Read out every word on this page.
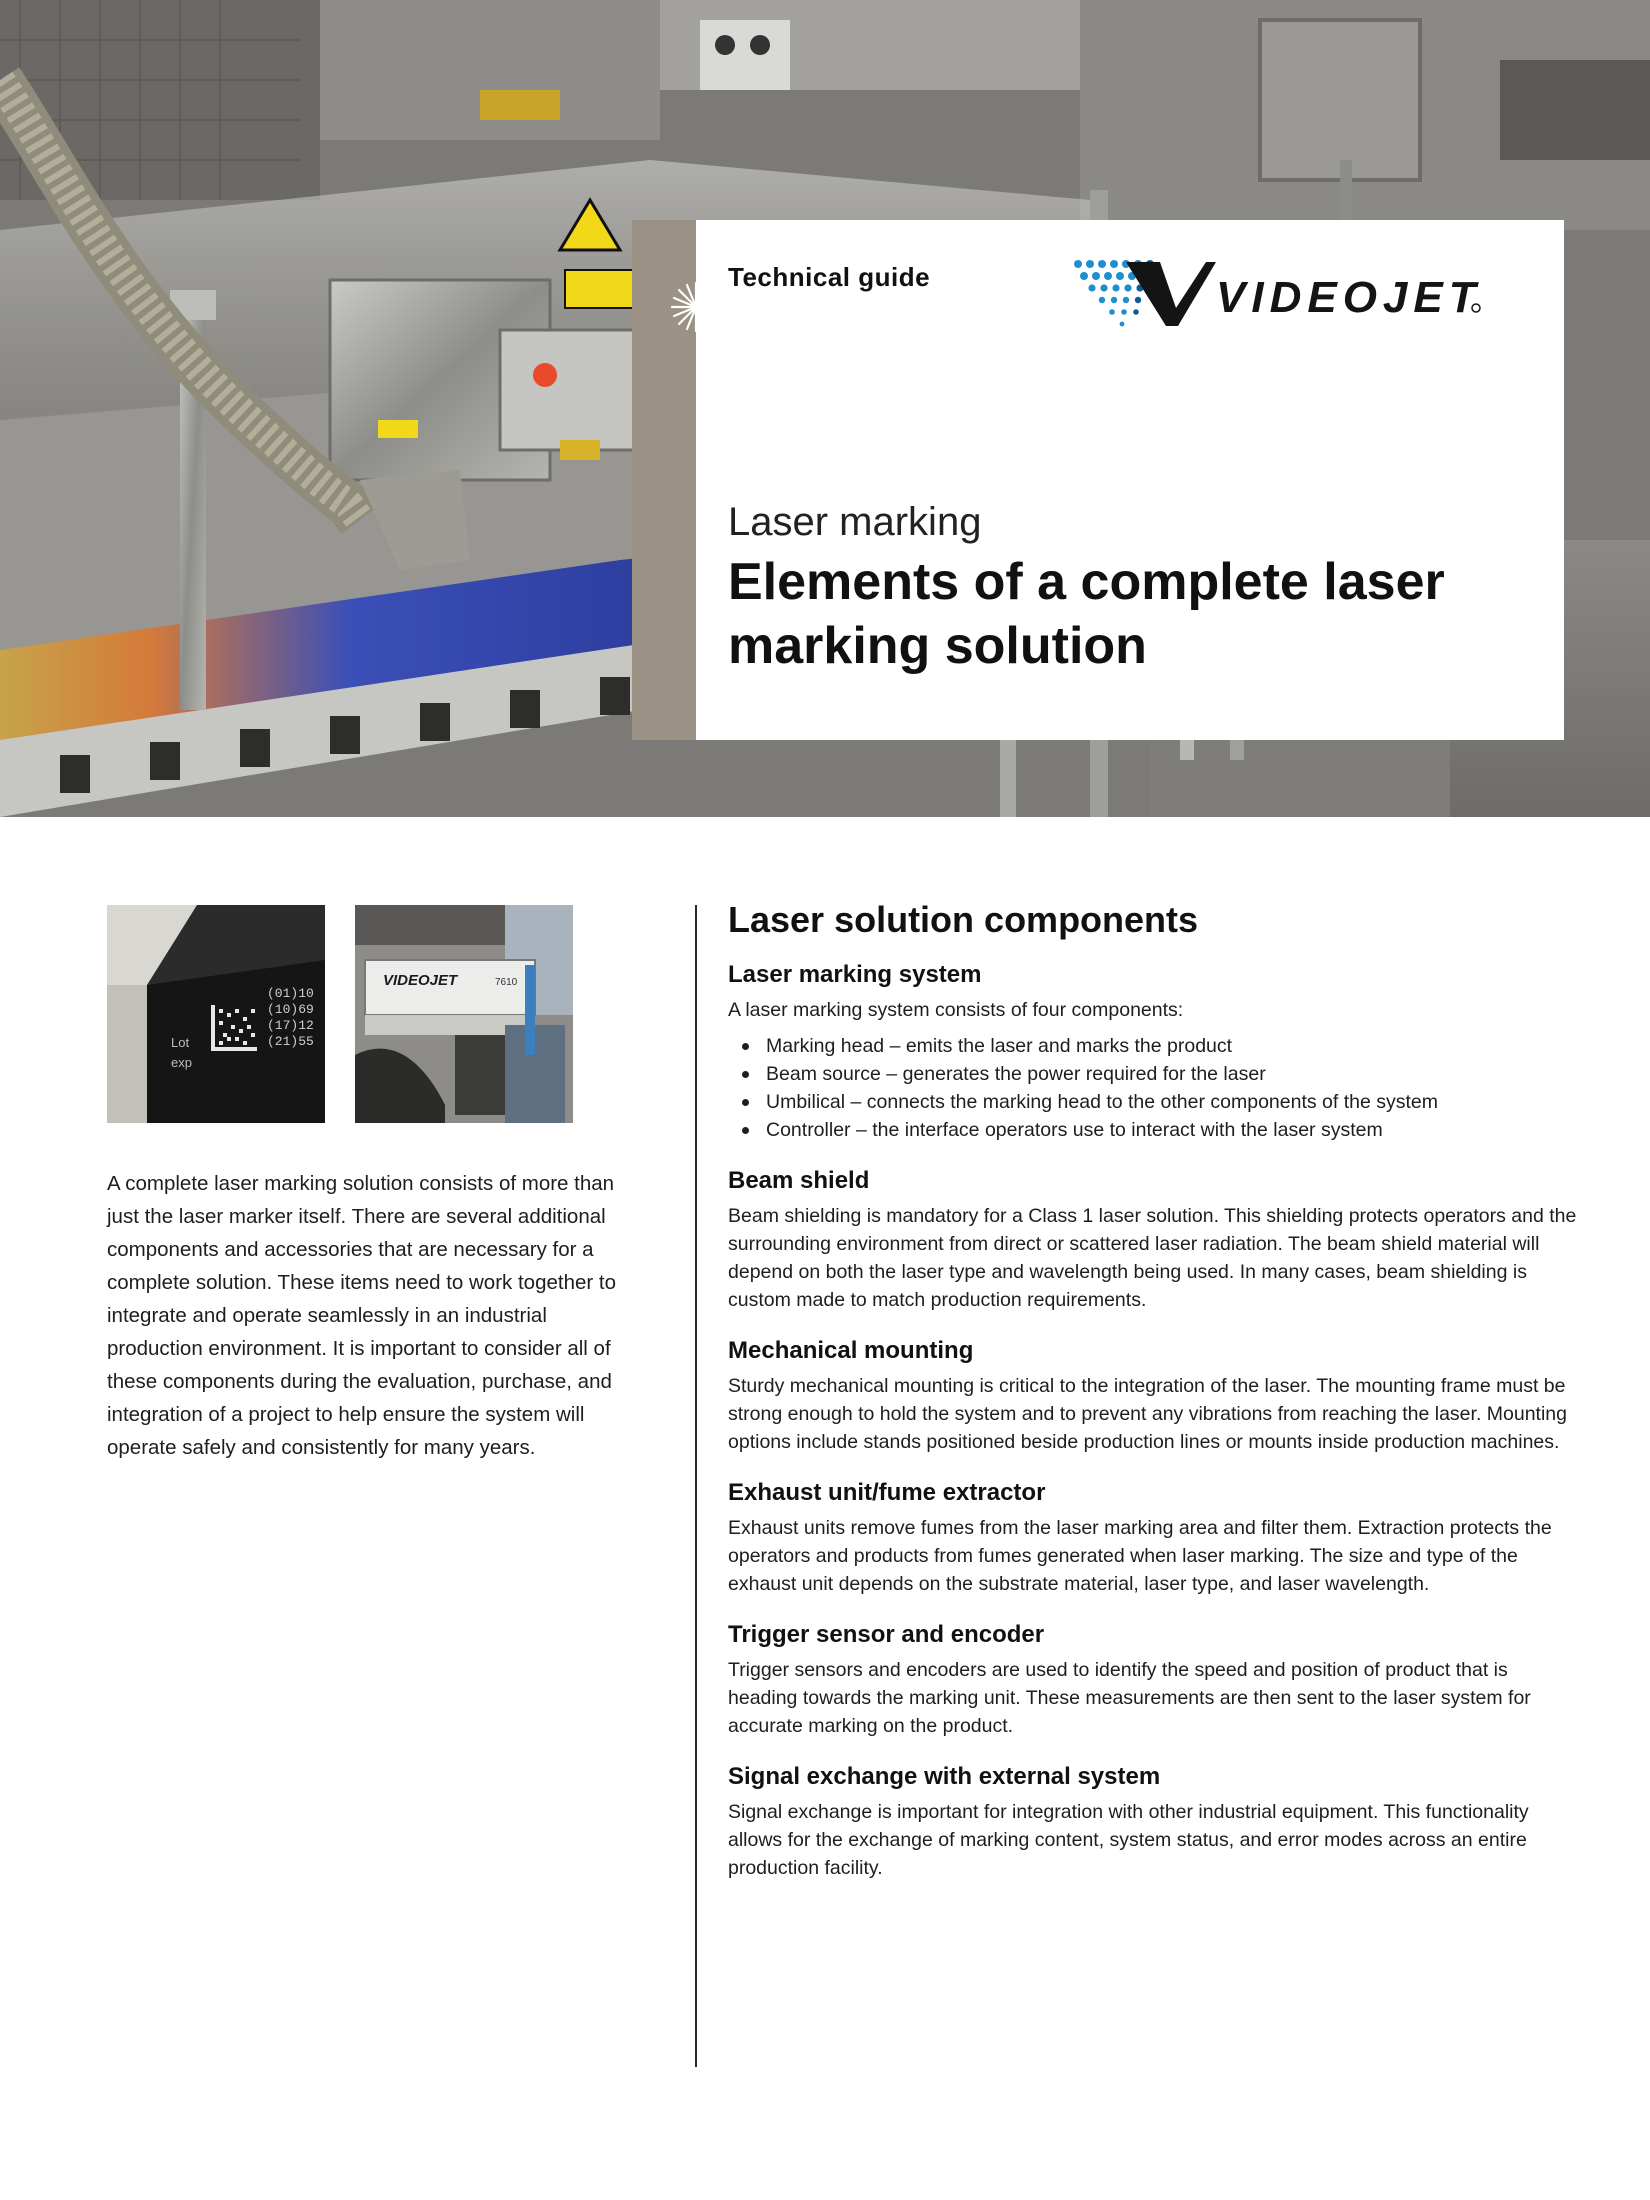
Technical guide	VIDEOJET
Laser marking
Elements of a complete laser marking solution
(01)10
(10)69
(17)12
(21)55
Lot
exp
VIDEOJET	7610

A complete laser marking solution consists of more than just the laser marker itself. There are several additional components and accessories that are necessary for a complete solution. These items need to work together to integrate and operate seamlessly in an industrial production environment. It is important to consider all of these components during the evaluation, purchase, and integration of a project to help ensure the system will operate safely and consistently for many years.

Laser solution components
Laser marking system

A laser marking system consists of four components:

Marking head – emits the laser and marks the product
Beam source – generates the power required for the laser
Umbilical – connects the marking head to the other components of the system
Controller – the interface operators use to interact with the laser system
Beam shield

Beam shielding is mandatory for a Class 1 laser solution. This shielding protects operators and the surrounding environment from direct or scattered laser radiation. The beam shield material will depend on both the laser type and wavelength being used. In many cases, beam shielding is custom made to match production requirements.

Mechanical mounting

Sturdy mechanical mounting is critical to the integration of the laser. The mounting frame must be strong enough to hold the system and to prevent any vibrations from reaching the laser. Mounting options include stands positioned beside production lines or mounts inside production machines.

Exhaust unit/fume extractor

Exhaust units remove fumes from the laser marking area and filter them. Extraction protects the operators and products from fumes generated when laser marking. The size and type of the exhaust unit depends on the substrate material, laser type, and laser wavelength.

Trigger sensor and encoder

Trigger sensors and encoders are used to identify the speed and position of product that is heading towards the marking unit. These measurements are then sent to the laser system for accurate marking on the product.

Signal exchange with external system

Signal exchange is important for integration with other industrial equipment. This functionality allows for the exchange of marking content, system status, and error modes across an entire production facility.
